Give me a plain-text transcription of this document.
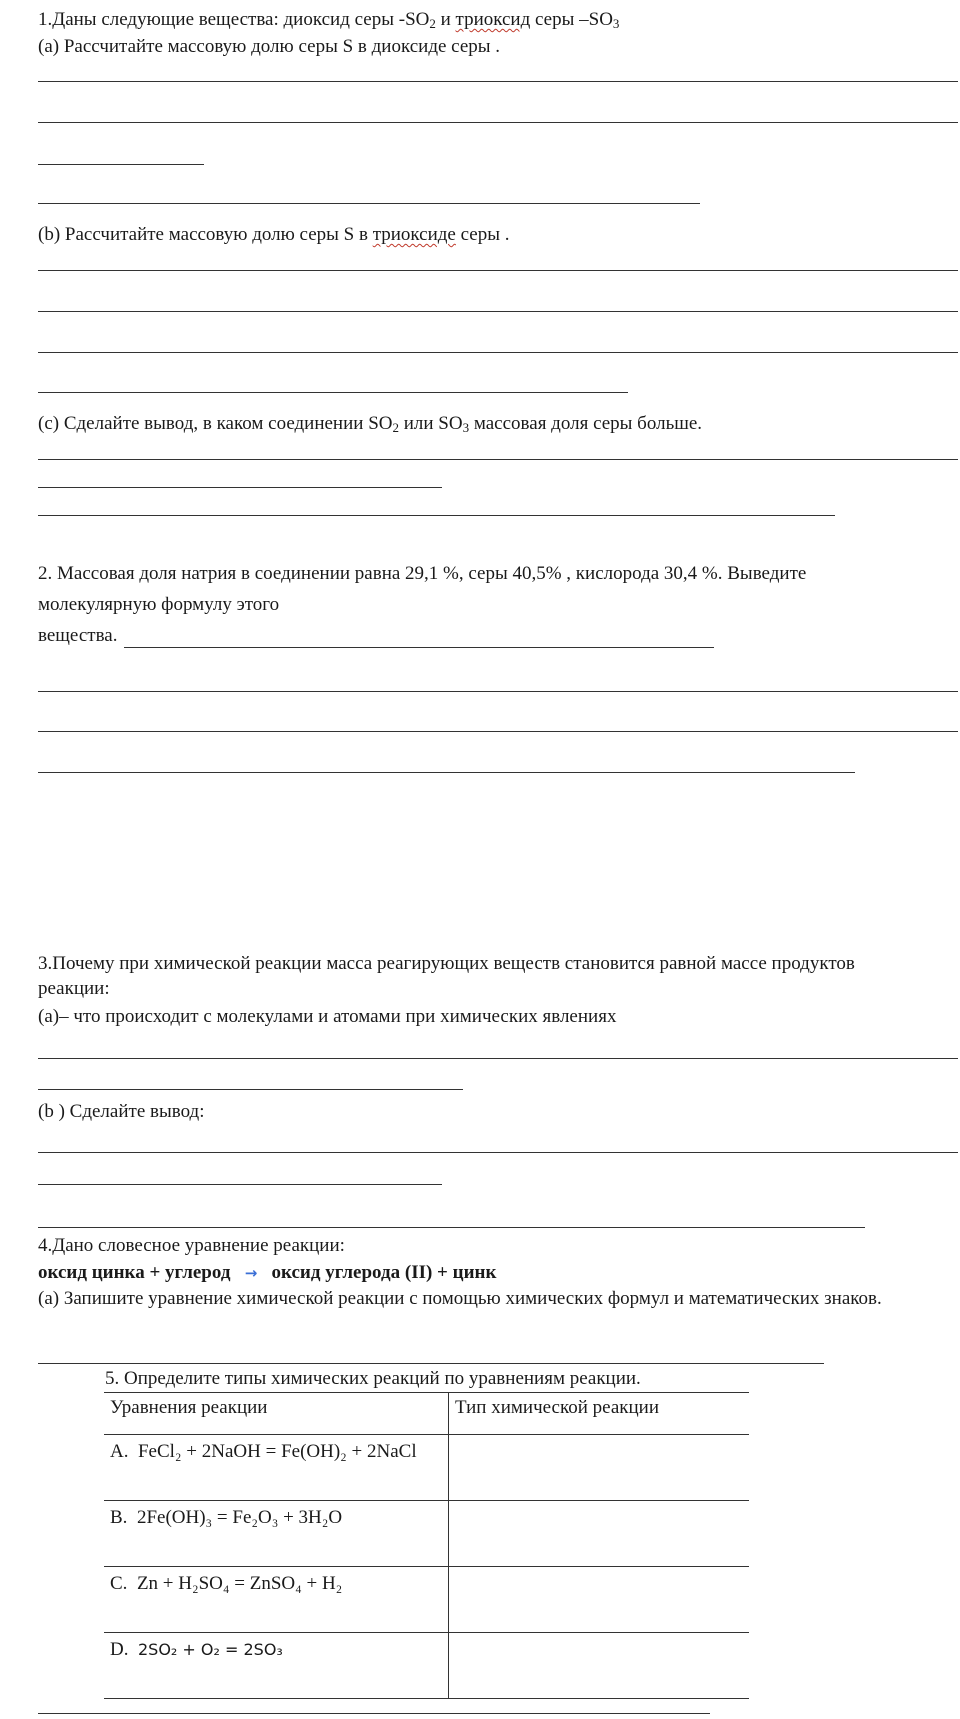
1.Даны следующие вещества: диоксид серы $-SO_2$ и триоксид серы $-SO_3$
(a) Рассчитайте массовую долю серы S в диоксиде серы .
(b) Рассчитайте массовую долю серы S в триоксиде серы .
(c) Сделайте вывод, в каком соединении $SO_2$ или $SO_3$ массовая доля серы больше.
2. Массовая доля натрия в соединении равна 29,1 %, серы 40,5% , кислорода 30,4 %. Выведите
молекулярную формулу этого
вещества.
3.Почему при химической реакции масса реагирующих веществ становится равной массе продуктов
реакции:
(a)– что происходит с молекулами и атомами при химических явлениях
(b ) Сделайте вывод:
4.Дано словесное уравнение реакции:
оксид цинка + углерод → оксид углерода (II) + цинк
(a) Запишите уравнение химической реакции с помощью химических формул и математических знаков.
5. Определите типы химических реакций по уравнениям реакции.
Уравнения реакции	Тип химической реакции
A. FeCl₂ + 2NaOH = Fe(OH)₂ + 2NaCl	
B. 2Fe(OH)₃ = Fe₂O₃ + 3H₂O	
C. Zn + H₂SO₄ = ZnSO₄ + H₂	
D. 2SO₂ + O₂ = 2SO₃	
